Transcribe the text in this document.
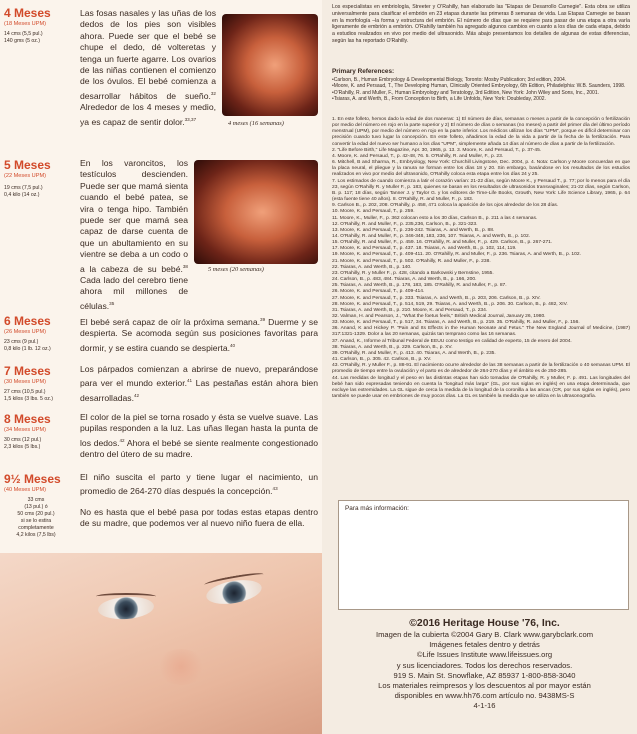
4 Meses
(18 Meses UPM)
14 cms (5,5 pul.)
140 gms (5 oz.)
Las fosas nasales y las uñas de los dedos de los pies son visibles ahora. Puede ser que el bebé se chupe el dedo, dé volteretas y tenga un fuerte agarre. Los ovarios de las niñas contienen el comienzo de los óvulos. El bebé comienza a desarrollar hábitos de sueño.$^{32}$ Alrededor de los 4 meses y medio, ya es capaz de sentir dolor.$^{33,37}$
4 meses (16 semanas)
5 Meses
(22 Meses UPM)
19 cms (7,5 pul.)
0,4 kilo (14 oz.)
En los varoncitos, los testículos descienden. Puede ser que mamá sienta cuando el bebé patea, se vira o tenga hipo. También puede ser que mamá sea capaz de darse cuenta de que un abultamiento en su vientre se deba a un codo o a la cabeza de su bebé.$^{38}$ Cada lado del cerebro tiene ahora mil millones de células.$^{35}$
5 meses (20 semanas)
6 Meses
(26 Meses UPM)
23 cms (9 pul.)
0,8 kilo (1 lb. 12 oz.)
El bebé será capaz de oír la próxima semana.$^{39}$ Duerme y se despierta. Se acomoda según sus posiciones favoritas para dormir, y se estira cuando se despierta.$^{40}$
7 Meses
(30 Meses UPM)
27 cms (10,5 pul.)
1,5 kilos (3 lbs. 5 oz.)
Los párpados comienzan a abrirse de nuevo, preparándose para ver el mundo exterior.$^{41}$ Las pestañas están ahora bien desarrolladas.$^{42}$
8 Meses
(34 Meses UPM)
30 cms (12 pul.)
2,3 kilos (5 lbs.)
El color de la piel se torna rosado y ésta se vuelve suave. Las pupilas responden a la luz. Las uñas llegan hasta la punta de los dedos.$^{42}$ Ahora el bebé se siente realmente congestionado dentro del útero de su madre.
9½ Meses
(40 Meses UPM)
33 cms
(13 pul.) ó
50 cms (20 pul.)
si se lo estira
completamente
4,2 kilos (7,5 lbs)
El niño suscita el parto y tiene lugar el nacimiento, un promedio de 264-270 días después la concepción.$^{43}$
No es hasta que el bebé pasa por todas estas etapas dentro de su madre, que podemos ver al nuevo niño fuera de ella.
Los especialistas en embriología, Streeter y O'Rahilly, han elaborado las "Etapas de Desarrollo Carnegie". Esta obra se utiliza universalmente para clasificar el embrión en 23 etapas durante las primeras 8 semanas de vida. Las Etapas Carnegie se basan en la morfología –la forma y estructura del embrión. El número de días que se requiere para pasar de una etapa a otra varía ligeramente de embrión a embrión. O'Rahilly también ha agregado algunos cambios en cuanto a los días de cada etapa, debido a estudios realizados en vivo por medio del ultrasonido. Más abajo presentamos los detalles de algunas de estas diferencias, según las ha reportado O'Rahilly.
Primary References:
•Carlson, B., Human Embryology & Developmental Biology, Toronto: Mosby Publication; 3rd edition, 2004.
•Moore, K. and Persaud, T., The Developing Human, Clinically Oriented Embryology, 6th Edition, Philadelphia: W.B. Saunders, 1998.
•O'Rahilly, R. and Muller, F., Human Embryology and Teratology, 3rd Edition, New York: John Wiley and Sons, Inc., 2001.
•Tsiaras, A. and Werth, B., From Conception to Birth, a Life Unfolds, New York: Doubleday, 2002.
1. En este folleto, hemos dado la edad de dos maneras: 1) El número de días, semanas o meses a partir de la concepción o fertilización por medio del número en rojo en la parte superior y 2) El número de días o semanas (no meses) a partir del primer día del último período menstrual (UPM), por medio del número en rojo en la parte inferior. Los médicos utilizan los días "UPM", porque es difícil determinar con precisión cuando tuvo lugar la concepción. En este folleto, añadimos la edad de la vida a partir de la fecha de la fertilización. Para convertir la edad del nuevo ser humano a los días "UPM", simplemente añada 14 días al número de días a partir de la fertilización.
2. "Life Before Birth," Life Magazine, Apr. 30, 1965, p. 13. 3. Moore, K. and Persaud, T., p. 37-45.
4. Moore, K. and Persaud, T., p. 42-48, 76. 5. O'Rahilly, R. and Muller, F., p. 23.
6. Mitchell, B and Sharma, R., Embryology, New York: Churchill Livingstone, Dec. 2004, p. 4. Nota: Carlson y Moore concuerdan en que la placa neural, el pliegue y la ranura se forman entre los días 18 y 20. Sin embargo, basándose en los resultados de los estudios realizados en vivo por medio del ultrasonido, O'Rahilly coloca esta etapa entre los días 24 y 25.
7. Los estimados de cuando comienza a latir el corazón varían: 21-22 días, según Moore K., y Persaud T., p. 77; por lo menos para el día 23, según O'Rahilly R. y Muller F., p. 183, quienes se basan en los resultados de ultrasonidos transvaginales; 21-22 días, según Carlson, B. p. 117; 18 días, según Tanner J. y Taylor G. y los editores de Time-Life Books, Growth, New York: Life Science Library, 1965, p. 64 (esta fuente tiene 40 años). 8. O'Rahilly, R. and Muller, F., p. 183.
9. Carlson B., p. 202, 208. O'Rahilly, p. 458, 471 coloca la aparición de los ojos alrededor de los 28 días.
10. Moore, K. and Persaud, T., p. 259.
11. Moore, K., Muller, F., p. 362 colocan esto a los 30 días, Carlson B., p. 211 a las 4 semanas.
12. O'Rahilly, R. and Muller, F., p. 235,236, Carlson, B., p. 321-323.
13. Moore, K. and Persaud, T., p. 236-242. Tsiaras, A. and Werth, B., p. 88.
14. O'Rahilly, R. and Muller, F., p. 346-348, 183, 236, 107. Tsiaras, A. and Werth, B., p. 102.
15. O'Rahilly, R. and Muller, F., p. 459. 16. O'Rahilly, R. and Muller, F., p. 429. Carlson, B., p. 267-271.
17. Moore, K. and Persaud, T., p. 437. 18. Tsiaras, A. and Werth, B., p. 102, 114, 119.
19. Moore, K. and Persaud, T., p. 409-411. 20. O'Rahilly, R. and Muller, F., p. 236. Tsiaras, A. and Werth, B., p. 102.
21. Moore, K. and Persaud, T., p. 502. O'Rahilly, R. and Muller, F., p. 238.
22. Tsiaras, A. and Werth, B., p. 140.
23. O'Rahilly, R. y Muller F., p. 428, citando a Barkowski y Bernstine, 1955.
24. Carlson, B., p. 483, 484. Tsiaras, A. and Werth, B., p. 166, 200.
25. Tsiaras, A. and Werth, B., p. 178, 183, 185. O'Rahilly, R. and Muller, F., p. 87.
26. Moore, K. and Persaud, T., p. 409-414.
27. Moore, K. and Persaud, T., p. 333. Tsiaras, A. and Werth, B., p. 203, 206. Carlson, B., p. XIV.
28. Moore, K. and Persaud, T., p. 514, 519, 29. Tsiaras, A. and Werth, B., p. 206. 30. Carlson, B., p. 482, XIV.
31. Tsiaras, A. and Werth, B., p. 210. Moore, K. and Persaud, T., p. 234.
32. Valman, H. and Pearson, J., "What the foetus feels," British Medical Journal, January 26, 1980.
33. Moore, K. and Persaud, T., p. 517, 34. Tsiaras, A. and Werth, B., p. 219. 35. O'Rahilly, R. and Muller, F., p. 156.
36. Anand, K and Hickey P. "Pain and Its Effects in the Human Neonate and Fetus." The New England Journal of Medicine, (1987) 317:1321-1329. Dolor a las 20 semanas, quizás tan temprano como las 16 semanas.
37. Anand, K., Informe al Tribunal Federal de EEUU como testigo en calidad de experto, 15 de enero del 2004.
38. Tsiaras, A. and Werth, B., p. 229. Carlson, B., p. XV.
39. O'Rahilly, R. and Muller, F., p. 413. 40. Tsiaras, A. and Werth, B., p. 235.
41. Carlson, B., p. 305. 42. Carlson, B., p. XV.
43. O'Rahilly, R. y Muller F., p. 88-91. El nacimiento ocurre alrededor de las 38 semanas a partir de la fertilización o 40 semanas UPM. El promedio de tiempo entre la ovulación y el parto es de alrededor de 264-270 días y el ámbito es de 250-285.
44. Las medidas de longitud y el peso en las distintas etapas han sido tomadas de O'Rahilly, R. y Muller, F. p. 491. Las longitudes del bebé han sido expresadas teniendo en cuenta la "longitud más larga" (GL, por sus siglas en inglés) en una etapa determinada, que excluye las extremidades. La GL sigue de cerca la medida de la longitud de la coronilla a las ancas (CR, por sus siglas en inglés), pero también se puede usar en embriones de muy pocos días. La GL es también la medida que se utiliza en la ultrasonografía.
Para más información:
©2016 Heritage House '76, Inc.
Imagen de la cubierta ©2004 Gary B. Clark www.garybclark.com
Imágenes fetales dentro y detrás
©Life Issues Institute www.lifeissues.org
y sus licenciadores. Todos los derechos reservados.
919 S. Main St. Snowflake, AZ 85937 1-800-858-3040
Los materiales reimpresos y los descuentos al por mayor están
disponibles en www.hh76.com artículo no. 9438MS-S
4-1-16
